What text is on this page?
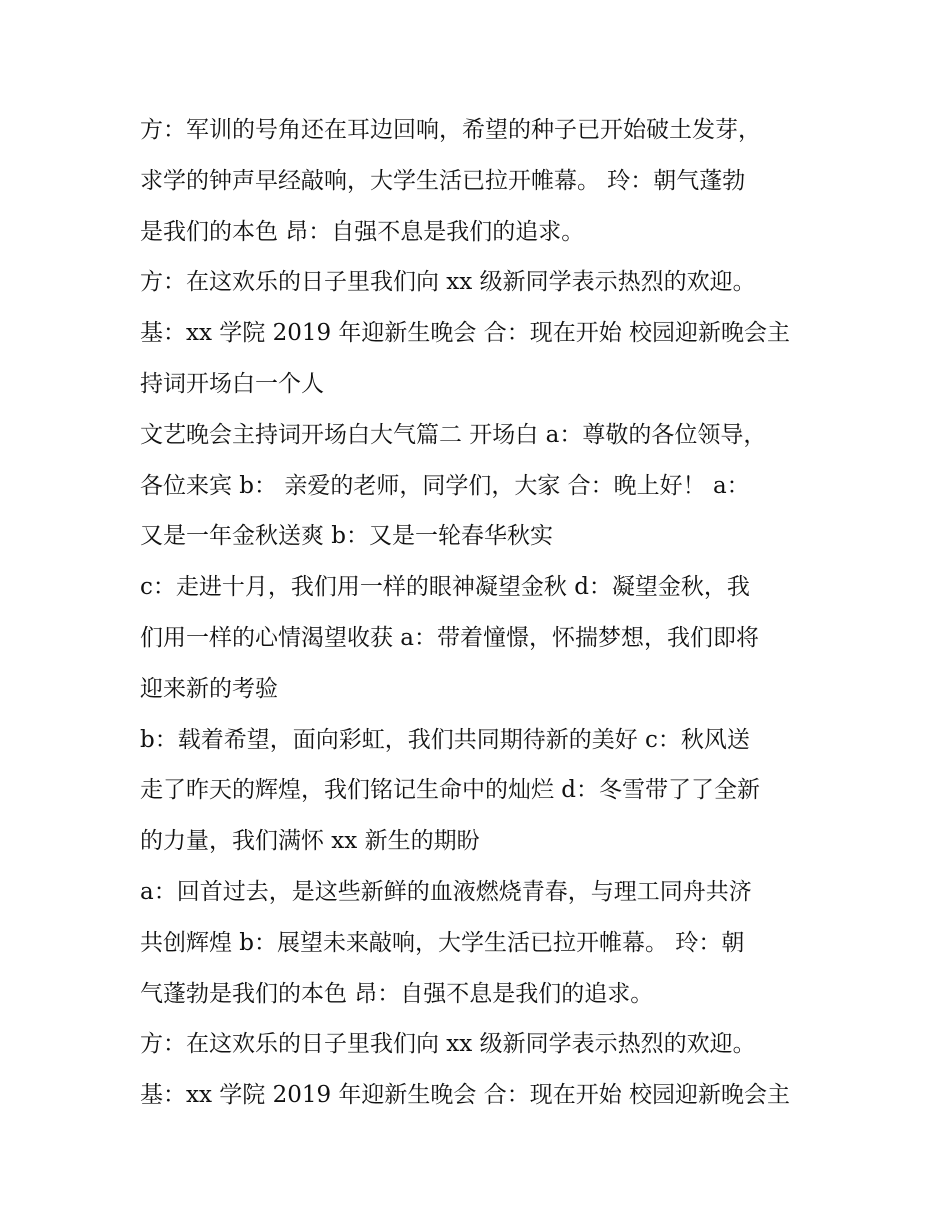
方：军训的号角还在耳边回响，希望的种子已开始破土发芽，
求学的钟声早经敲响，大学生活已拉开帷幕。 玲：朝气蓬勃
是我们的本色 昂：自强不息是我们的追求。
方：在这欢乐的日子里我们向 xx 级新同学表示热烈的欢迎。
基：xx 学院 2019 年迎新生晚会 合：现在开始 校园迎新晚会主
持词开场白一个人
文艺晚会主持词开场白大气篇二 开场白 a：尊敬的各位领导，
各位来宾 b： 亲爱的老师，同学们，大家 合：晚上好！ a：
又是一年金秋送爽 b：又是一轮春华秋实
c：走进十月，我们用一样的眼神凝望金秋 d：凝望金秋，我
们用一样的心情渴望收获 a：带着憧憬，怀揣梦想，我们即将
迎来新的考验
b：载着希望，面向彩虹，我们共同期待新的美好 c：秋风送
走了昨天的辉煌，我们铭记生命中的灿烂 d：冬雪带了了全新
的力量，我们满怀 xx 新生的期盼
a：回首过去，是这些新鲜的血液燃烧青春，与理工同舟共济
共创辉煌 b：展望未来敲响，大学生活已拉开帷幕。 玲：朝
气蓬勃是我们的本色 昂：自强不息是我们的追求。
方：在这欢乐的日子里我们向 xx 级新同学表示热烈的欢迎。
基：xx 学院 2019 年迎新生晚会 合：现在开始 校园迎新晚会主
